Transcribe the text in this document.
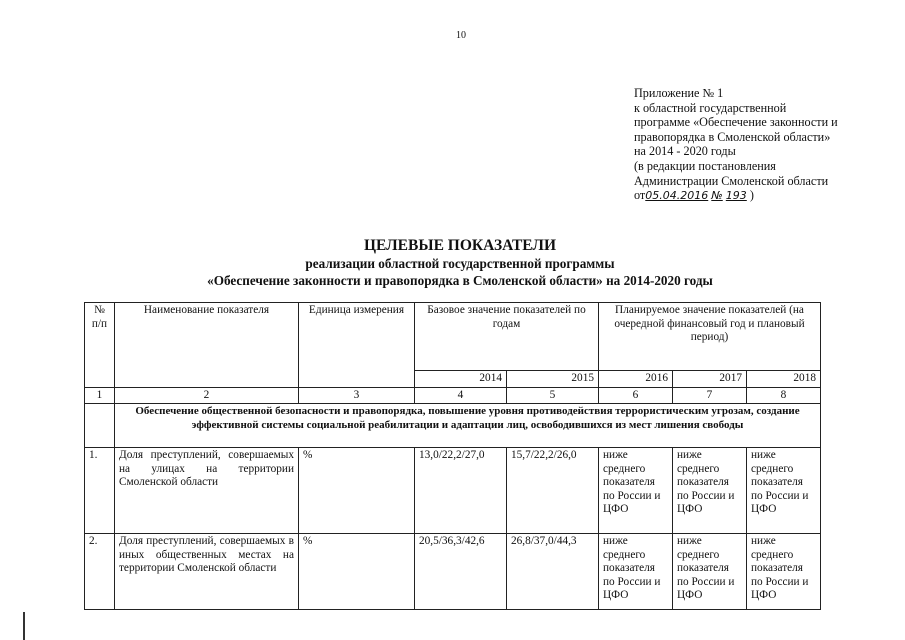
10
Приложение № 1
к областной государственной
программе «Обеспечение законности и
правопорядка в Смоленской области»
на 2014 - 2020 годы
(в редакции постановления
Администрации Смоленской области
от05.04.2016 № 193 )
ЦЕЛЕВЫЕ ПОКАЗАТЕЛИ
реализации областной государственной программы
«Обеспечение законности и правопорядка в Смоленской области» на 2014-2020 годы
№ п/п	Наименование показателя	Единица измерения	Базовое значение показателей по годам		Планируемое значение показателей (на очередной финансовый год и плановый период)		
			2014	2015	2016	2017	2018
1	2	3	4	5	6	7	8
	Обеспечение общественной безопасности и правопорядка, повышение уровня противодействия террористическим угрозам, создание эффективной системы социальной реабилитации и адаптации лиц, освободившихся из мест лишения свободы						
1.	Доля преступлений, совершаемых на улицах на территории Смоленской области	%	13,0/22,2/27,0	15,7/22,2/26,0	ниже среднего показателя по России и ЦФО	ниже среднего показателя по России и ЦФО	ниже среднего показателя по России и ЦФО
2.	Доля преступлений, совершаемых в иных общественных местах на территории Смоленской области	%	20,5/36,3/42,6	26,8/37,0/44,3	ниже среднего показателя по России и ЦФО	ниже среднего показателя по России и ЦФО	ниже среднего показателя по России и ЦФО
